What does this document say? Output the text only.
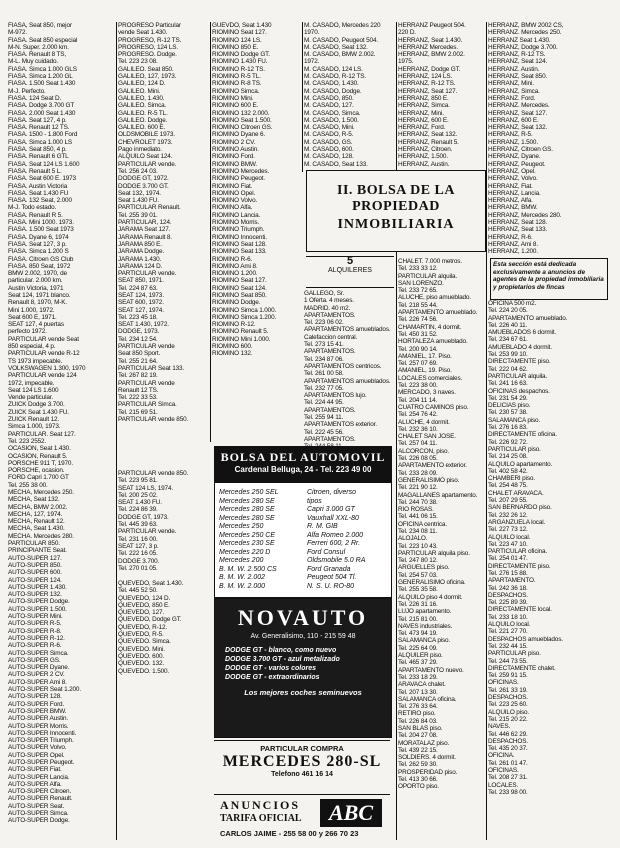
FIASA, Seat 850, mejor
M-972.
FIASA. Seat 850 especial
M-N. Super. 2.000 km.
FIASA. Renault 8 TS,
M-L. Muy cuidado.
FIASA. Simca 1.000 GLS
FIASA. Simca 1.200 GL
FIASA. 1.500 Seat 1.430
M-J. Perfecto.
FIASA. 124 Seat D.
FIASA. Dodge 3.700 GT
FIASA. 2.000 Seat 1.430
FIASA. Seat 127, 4 p.
FIASA. Renault 12 TS.
FIASA. 1500 - 1.800 Ford
FIASA. Simca 1.000 LS
FIASA. Seat 850, 4 p.
FIASA. Renault 6 GTL
FIASA. Seat 124 LS 1.600
FIASA. Renault 5 L.
FIASA. Seat 600 E. 1973
FIASA. Austin Victoria
FIASA. Seat 1.430 FU
FIASA. 132 Seat, 2.000
M-J. Todo estado.
FIASA. Renault R 5.
FIASA. Mini 1000. 1973.
FIASA. 1.500 Seat 1973
FIASA. Dyane 6, 1974
FIASA. Seat 127, 3 p.
FIASA. Simca 1.200 S
FIASA. Citroen GS Club
FIASA. 850 Seat, 1972
BMW 2.002, 1970, de
particular. 2.000 km.
Austin Victoria, 1971
Seat 124, 1971 blanco.
Renault 8, 1970, M-K.
Mini 1.000, 1972.
Seat 600 E, 1971.
SEAT 127, 4 puertas
perfecto 1972.
PARTICULAR vende Seat
850 especial, 4 p.
PARTICULAR vende R-12
TS 1973 impecable.
VOLKSWAGEN 1.300, 1970
PARTICULAR vende 124
1972, impecable.
Seat 124 LS 1.600
Vende particular.
ZUICK Dodge 3.700.
ZUICK Seat 1.430 FU.
ZUICK Renault 12.
Simca 1.000, 1973.
PARTICULAR. Seat 127.
Tel. 223 2552.
OCASION, Seat 1.430.
OCASION, Renault 5.
PORSCHE 911 T, 1970.
PORSCHE, ocasion.
FORD Capri 1.700 GT
Tel. 255 38 00.
MECHA, Mercedes 250.
MECHA, Seat 132.
MECHA, BMW 2.002.
MECHA, 127, 1974.
MECHA, Renault 12.
MECHA, Seat 1.430.
MECHA. Mercedes 280.
PARTICULAR 850.
PRINCIPIANTE Seat.
AUTO-SUPER 127.
AUTO-SUPER 850.
AUTO-SUPER 600.
AUTO-SUPER 124.
AUTO-SUPER 1.430.
AUTO-SUPER 132.
AUTO-SUPER Dodge.
AUTO-SUPER 1.500.
AUTO-SUPER Mini.
AUTO-SUPER R-5.
AUTO-SUPER R-8.
AUTO-SUPER R-12.
AUTO-SUPER R-6.
AUTO-SUPER Simca.
AUTO-SUPER GS.
AUTO-SUPER Dyane.
AUTO-SUPER 2 CV.
AUTO-SUPER Ami 8.
AUTO-SUPER Seat 1.200.
AUTO-SUPER 128.
AUTO-SUPER Ford.
AUTO-SUPER BMW.
AUTO-SUPER Austin.
AUTO-SUPER Morris.
AUTO-SUPER Innocenti.
AUTO-SUPER Triumph.
AUTO-SUPER Volvo.
AUTO-SUPER Opel.
AUTO-SUPER Peugeot.
AUTO-SUPER Fiat.
AUTO-SUPER Lancia.
AUTO-SUPER Alfa.
AUTO-SUPER Citroen.
AUTO-SUPER Renault.
AUTO-SUPER Seat.
AUTO-SUPER Simca.
AUTO-SUPER Dodge.
PROGRESO Particular
vende Seat 1.430.
PROGRESO, R-12 TS.
PROGRESO, 124 LS.
PROGRESO. Dodge.
Tel. 223 23 08.
GALILEO. Seat 850.
GALILEO, 127, 1973.
GALILEO, 124 D.
GALILEO. Mini.
GALILEO, 1.430.
GALILEO. Simca.
GALILEO. R-5 TL.
GALILEO. Dodge.
GALILEO. 600 E.
OLDSMOBILE 1973.
CHEVROLET 1973.
Pago inmediato.
ALQUILO Seat 124.
PARTICULAR vende.
Tel. 256 24 03.
DODGE GT, 1972.
DODGE 3.700 GT.
Seat 132, 1974.
Seat 1.430 FU.
PARTICULAR Renault.
Tel. 255 39 01.
PARTICULAR, 124.
JARAMA Seat 127.
JARAMA Renault 8.
JARAMA 850 E.
JARAMA Dodge.
JARAMA 1.430.
JARAMA 124 D.
PARTICULAR vende.
SEAT 850, 1971.
Tel. 224 87 63.
SEAT 124, 1973.
SEAT 600, 1972.
SEAT 127, 1974.
Tel. 223 45 18.
SEAT 1.430, 1972.
DODGE, 1973.
Tel. 234 12 54.
PARTICULAR vende
Seat 850 Sport.
Tel. 255 21 64.
PARTICULAR Seat 133.
Tel. 267 82 19.
PARTICULAR vende
Renault 12 TS.
Tel. 222 33 53.
PARTICULAR Simca.
Tel. 215 69 51.
PARTICULAR vende 850.
GUEVDO, Seat 1.430
RIOMINO Seat 127.
RIOMINO 124 LS.
RIOMINO 850 E.
RIOMINO Dodge GT.
RIOMINO 1.430 FU.
RIOMINO R-12 TS.
RIOMINO R-5 TL.
RIOMINO R-8 TS.
RIOMINO Simca.
RIOMINO Mini.
RIOMINO 600 E.
RIOMINO 132 2.000.
RIOMINO Seat 1.500.
RIOMINO Citroen GS.
RIOMINO Dyane 6.
RIOMINO 2 CV.
RIOMINO Austin.
RIOMINO Ford.
RIOMINO BMW.
RIOMINO Mercedes.
RIOMINO Peugeot.
RIOMINO Fiat.
RIOMINO Opel.
RIOMINO Volvo.
RIOMINO Alfa.
RIOMINO Lancia.
RIOMINO Morris.
RIOMINO Triumph.
RIOMINO Innocenti.
RIOMINO Seat 128.
RIOMINO Seat 133.
RIOMINO R-6.
RIOMINO Ami 8.
RIOMINO 1.200.
RIOMINO Seat 127.
RIOMINO Seat 124.
RIOMINO Seat 850.
RIOMINO Dodge.
RIOMINO Simca 1.000.
RIOMINO Simca 1.200.
RIOMINO R-12.
RIOMINO Renault 5.
RIOMINO Mini 1.000.
RIOMINO 600.
RIOMINO 132.
M. CASADO, Mercedes 220
1970.
M. CASADO, Peugeot 504.
M. CASADO, Seat 132.
M. CASADO, BMW 2.002.
1972.
M. CASADO, 124 LS.
M. CASADO, R-12 TS.
M. CASADO, 1.430.
M. CASADO, Dodge.
M. CASADO, 850.
M. CASADO, 127.
M. CASADO, Simca.
M. CASADO, 1.500.
M. CASADO, Mini.
M. CASADO, R-5.
M. CASADO, GS.
M. CASADO, 600.
M. CASADO, 128.
M. CASADO, Seat 133.
HERRANZ Peugeot 504.
220 D.
HERRANZ, Seat 1.430.
HERRANZ Mercedes.
HERRANZ, BMW 2.002.
1975.
HERRANZ, Dodge GT.
HERRANZ, 124 LS.
HERRANZ, R-12 TS.
HERRANZ, Seat 127.
HERRANZ, 850 E.
HERRANZ, Simca.
HERRANZ, Mini.
HERRANZ, 600 E.
HERRANZ, Ford.
HERRANZ, Seat 132.
HERRANZ, Renault 5.
HERRANZ, Citroen.
HERRANZ, 1.500.
HERRANZ, Austin.
HERRANZ, BMW 2002 CS,
HERRANZ. Mercedes 250.
HERRANZ Seat 1.430.
HERRANZ, Dodge 3.700.
HERRANZ, R-12 TS.
HERRANZ, Seat 124.
HERRANZ. Austin.
HERRANZ, Seat 850.
HERRANZ, Mini.
HERRANZ, Simca.
HERRANZ. Ford.
HERRANZ. Mercedes.
HERRANZ, Seat 127.
HERRANZ, 600 E.
HERRANZ, Seat 132.
HERRANZ, R-5.
HERRANZ, 1.500.
HERRANZ, Citroen GS.
HERRANZ, Dyane.
HERRANZ, Peugeot.
HERRANZ, Opel.
HERRANZ, Volvo.
HERRANZ, Fiat.
HERRANZ, Lancia.
HERRANZ, Alfa.
HERRANZ, BMW.
HERRANZ, Mercedes 280.
HERRANZ, Seat 128.
HERRANZ, Seat 133.
HERRANZ, R-6.
HERRANZ, Ami 8.
HERRANZ, 1.200.
II. BOLSA DE LA PROPIEDAD
INMOBILIARIA
5
ALQUILERES
Esta sección está dedicada exclusivamente a anuncios de agentes de la propiedad inmobiliaria y propietarios de fincas
GALLEGO, Sr.
1 Oferta. 4 meses.
MADRID. 40 m2.
APARTAMENTOS.
Tel. 223 06 02.
APARTAMENTOS amueblados.
Calefaccion central.
Tel. 273 15 41.
APARTAMENTOS.
Tel. 234 87 06.
APARTAMENTOS centricos.
Tel. 261 00 58.
APARTAMENTOS amueblados.
Tel. 232 77 05.
APARTAMENTOS lujo.
Tel. 224 44 95.
APARTAMENTOS.
Tel. 255 94 11.
APARTAMENTOS exterior.
Tel. 222 45 56.
APARTAMENTOS.
CHALET. 7.000 metros.
Tel. 233 33 12.
PARTICULAR alquila.
SAN LORENZO.
Tel. 233 72 65.
ALUCHE, piso amueblado.
Tel. 218 55 44.
APARTAMENTO amueblado.
Tel. 226 74 56.
CHAMARTIN, 4 dormit.
Tel. 450 31 52.
HORTALEZA amueblado.
Tel. 200 90 14.
AMANIEL, 17. Piso.
Tel. 257 07 69.
AMANIEL, 19. Piso.
LOCALES comerciales.
Tel. 223 38 00.
MERCADO, 3 naves.
Tel. 204 11 14.
CUATRO CAMINOS piso.
Tel. 254 76 42.
ALUCHE, 4 dormit.
Tel. 232 36 10.
CHALET SAN JOSE.
Tel. 257 04 11.
ALCORCON, piso.
Tel. 226 08 05.
APARTAMENTO exterior.
Tel. 233 28 09.
GENERALISIMO piso.
Tel. 221 90 12.
MAGALLANES apartamento.
Tel. 244 70 38.
RIO ROSAS.
Tel. 441 06 15.
OFICINA centrica.
Tel. 234 08 11.
ALOJALO.
Tel. 223 10 43.
PARTICULAR alquila piso.
Tel. 247 80 12.
ARGUELLES piso.
Tel. 254 57 03.
GENERALISIMO oficina.
Tel. 255 35 58.
ALQUILO piso 4 dormit.
Tel. 226 31 16.
LUJO apartamento.
Tel. 215 81 00.
NAVES industriales.
Tel. 473 94 19.
SALAMANCA piso.
Tel. 225 64 09.
ALQUILER piso.
Tel. 465 37 29.
APARTAMENTO nuevo.
Tel. 233 18 29.
ARAVACA chalet.
Tel. 207 13 30.
SALAMANCA oficina.
Tel. 276 33 64.
RETIRO piso.
Tel. 226 84 03.
SAN BLAS piso.
Tel. 204 27 08.
MORATALAZ piso.
Tel. 439 22 15.
SOLDIERS. 4 dormit.
Tel. 262 59 30.
PROSPERIDAD piso.
Tel. 413 30 66.
OPORTO piso.
OFICINA 500 m2.
Tel. 224 20 05.
APARTAMENTO amueblado.
Tel. 226 40 11.
AMUEBLADOS 6 dormit.
Tel. 234 67 61.
AMUEBLADO 4 dormit.
Tel. 253 99 10.
DIRECTAMENTE piso.
Tel. 222 04 62.
PARTICULAR alquila.
Tel. 241 16 63.
OFICINAS despachos.
Tel. 231 54 29.
DELICIAS piso.
Tel. 230 57 38.
SALAMANCA piso.
Tel. 276 16 83.
DIRECTAMENTE oficina.
Tel. 226 92 72.
PARTICULAR piso.
Tel. 214 25 08.
ALQUILO apartamento.
Tel. 402 58 42.
CHAMBERI piso.
Tel. 254 48 75.
CHALET ARAVACA.
Tel. 207 29 55.
SAN BERNARDO piso.
Tel. 232 26 12.
ARGANZUELA local.
Tel. 227 73 12.
ALQUILO local.
Tel. 223 47 10.
PARTICULAR oficina.
Tel. 254 01 47.
DIRECTAMENTE piso.
Tel. 276 15 88.
APARTAMENTO.
Tel. 242 36 18.
DESPACHOS.
Tel. 225 89 39.
DIRECTAMENTE local.
Tel. 233 18 10.
ALQUILO local.
Tel. 221 27 70.
DESPACHOS amueblados.
Tel. 232 44 15.
PARTICULAR piso.
Tel. 244 73 55.
DIRECTAMENTE chalet.
Tel. 259 91 15.
OFICINAS.
Tel. 261 33 19.
DESPACHOS.
Tel. 223 25 60.
ALQUILO piso.
Tel. 215 20 22.
NAVES.
Tel. 446 62 29.
DESPACHOS.
Tel. 435 20 37.
OFICINA.
Tel. 261 01 47.
OFICINAS.
Tel. 208 27 31.
LOCALES.
Tel. 233 98 00.
PARTICULAR vende 850.
Tel. 223 95 81.
SEAT 124 LS, 1974.
Tel. 200 25 02.
SEAT 1.430 FU.
Tel. 224 86 39.
DODGE GT, 1973.
Tel. 445 39 63.
PARTICULAR vende.
Tel. 231 16 00.
SEAT 127, 3 p.
Tel. 222 16 05.
DODGE 3.700.
Tel. 270 01 05.
QUEVEDO, Seat 1.430.
Tel. 445 52 50.
QUEVEDO, 124 D.
QUEVEDO, 850 E.
QUEVEDO, 127.
QUEVEDO, Dodge GT.
QUEVEDO, R-12.
QUEVEDO, R-5.
QUEVEDO. Simca.
QUEVEDO. Mini.
QUEVEDO. 600.
QUEVEDO. 132.
QUEVEDO. 1.500.
BOLSA DEL AUTOMOVIL
Cardenal Belluga, 24 - Tel. 223 49 00
Mercedes 250 SEL
Mercedes 280 SE
Mercedes 280 SE
Mercedes 280 SE
Mercedes 250
Mercedes 250 CE
Mercedes 230 SE
Mercedes 220 D
Mercedes 200
B. M. W. 2.500 CS
B. M. W. 2.002
B. M. W. 2.000
Citroen, diverso
tipos
Capri 3.000 GT
Vauxhall XXL-80
R. M. GIB
Alfa Romeo 2.000
Ferreri 600, 2 Rr.
Ford Consul
Oldsmobile 5.0 RA
Ford Granada
Peugeot 504 Tl.
N. S. U. RO-80
NOVAUTO
Av. Generalisimo, 110 - 215 59 48
DODGE GT - blanco, como nuevo
DODGE 3.700 GT - azul metalizado
DODGE GT - varios colores
DODGE GT - extraordinarios
Los mejores coches seminuevos
PARTICULAR COMPRA
MERCEDES 280-SL
Telefono 461 16 14
ANUNCIOS
TARIFA OFICIAL	ABC
CARLOS JAIME - 255 58 00 y 266 70 23
